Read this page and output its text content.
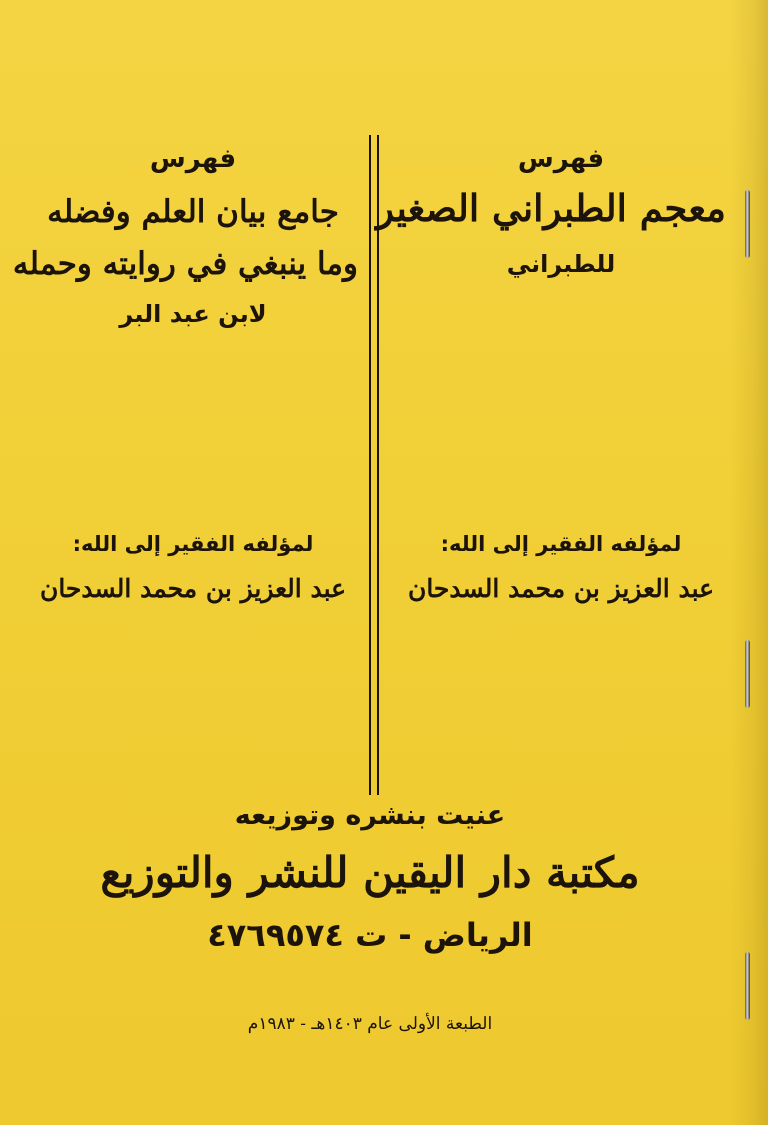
فهرس

معجم الطبراني الصغير

للطبراني

لمؤلفه الفقير إلى الله:

عبد العزيز بن محمد السدحان

فهرس

جامع بيان العلم وفضله

وما ينبغي في روايته وحمله

لابن عبد البر

لمؤلفه الفقير إلى الله:

عبد العزيز بن محمد السدحان

عنيت بنشره وتوزيعه

مكتبة دار اليقين للنشر والتوزيع

الرياض - ت ٤٧٦٩٥٧٤

الطبعة الأولى عام ١٤٠٣هـ - ١٩٨٣م
